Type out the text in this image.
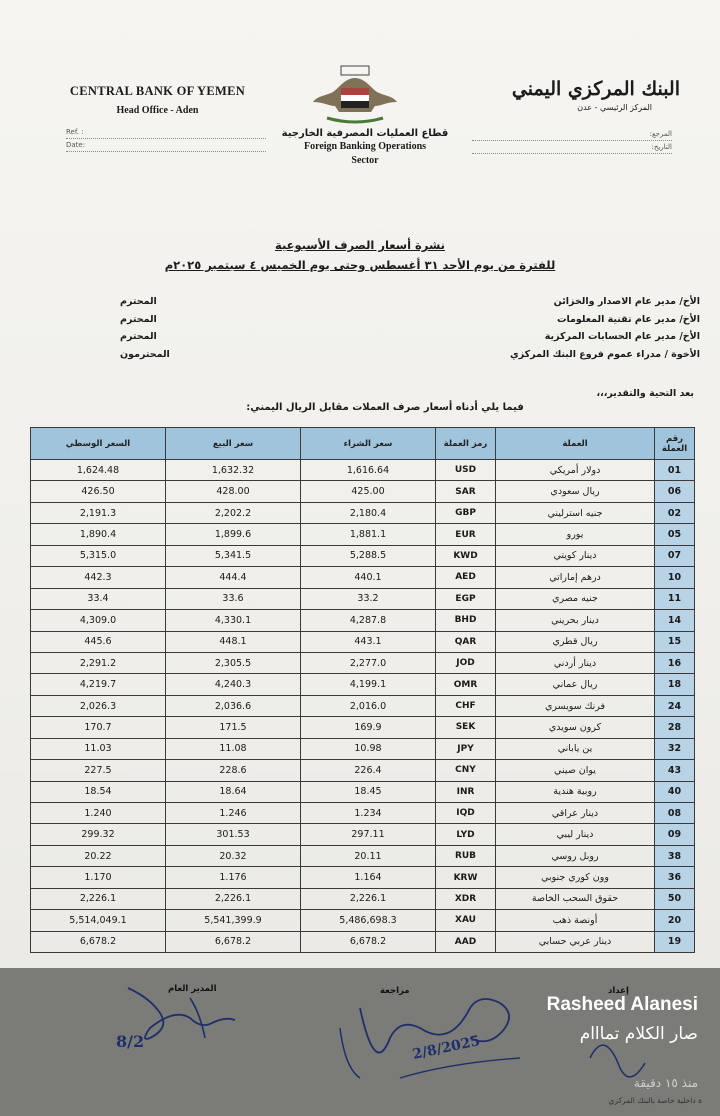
CENTRAL BANK OF YEMEN
Head Office - Aden
Ref. :
Date:
قطاع العمليات المصرفية الخارجية
Foreign Banking Operations
Sector
البنك المركزي اليمني
المركز الرئيسي - عدن
المرجع:
التاريخ:
نشرة أسعار الصرف الأسبوعية
للفترة من يوم الأحد ٣١ أغسطس وحتى يوم الخميس ٤ سبتمبر ٢٠٢٥م
الأخ/ مدير عام الاصدار والخزائن
المحترم
الأخ/ مدير عام تقنية المعلومات
المحترم
الأخ/ مدير عام الحسابات المركزية
المحترم
الأخوة / مدراء عموم فروع البنك المركزي
المحترمون
بعد التحية والتقدير،،،
فيما يلي أدناه أسعار صرف العملات مقابل الريال اليمني:
السعر الوسطي	سعر البيع	سعر الشراء	رمز العملة	العملة	رقم العملة
1,624.48	1,632.32	1,616.64	USD	دولار أمريكي	01
426.50	428.00	425.00	SAR	ريال سعودي	06
2,191.3	2,202.2	2,180.4	GBP	جنيه استرليني	02
1,890.4	1,899.6	1,881.1	EUR	يورو	05
5,315.0	5,341.5	5,288.5	KWD	دينار كويتي	07
442.3	444.4	440.1	AED	درهم إماراتي	10
33.4	33.6	33.2	EGP	جنيه مصري	11
4,309.0	4,330.1	4,287.8	BHD	دينار بحريني	14
445.6	448.1	443.1	QAR	ريال قطري	15
2,291.2	2,305.5	2,277.0	JOD	دينار أردني	16
4,219.7	4,240.3	4,199.1	OMR	ريال عماني	18
2,026.3	2,036.6	2,016.0	CHF	فرنك سويسري	24
170.7	171.5	169.9	SEK	كرون سويدي	28
11.03	11.08	10.98	JPY	ين ياباني	32
227.5	228.6	226.4	CNY	يوان صيني	43
18.54	18.64	18.45	INR	روبية هندية	40
1.240	1.246	1.234	IQD	دينار عراقي	08
299.32	301.53	297.11	LYD	دينار ليبي	09
20.22	20.32	20.11	RUB	روبل روسي	38
1.170	1.176	1.164	KRW	وون كوري جنوبي	36
2,226.1	2,226.1	2,226.1	XDR	حقوق السحب الخاصة	50
5,514,049.1	5,541,399.9	5,486,698.3	XAU	أونصة ذهب	20
6,678.2	6,678.2	6,678.2	AAD	دينار عربي حسابي	19
المدير العام	مراجعة	إعداد
8/2	2/8/2025
Rasheed Alanesi
صار الكلام تمااام
منذ ١٥ دقيقة
ة داخلية خاصة بالبنك المركزي
